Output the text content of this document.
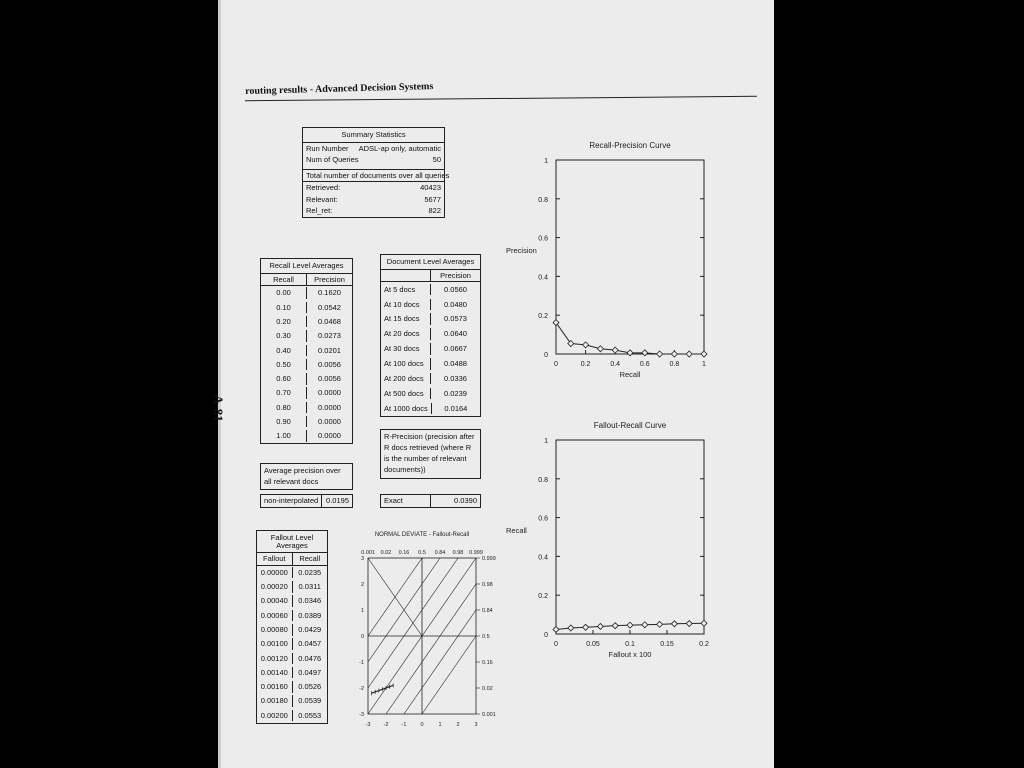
routing results - Advanced Decision Systems
A-81
Summary Statistics
Run Number	ADSL-ap only, automatic
Num of Queries	50
Total number of documents over all queries
Retrieved:	40423
Relevant:	5677
Rel_ret:	822
Recall Level Averages
Recall	Precision
0.00	0.1620
0.10	0.0542
0.20	0.0468
0.30	0.0273
0.40	0.0201
0.50	0.0056
0.60	0.0056
0.70	0.0000
0.80	0.0000
0.90	0.0000
1.00	0.0000
Average precision over all relevant docs
non-interpolated	0.0195
Document Level Averages
Precision
At 5 docs	0.0560
At 10 docs	0.0480
At 15 docs	0.0573
At 20 docs	0.0640
At 30 docs	0.0667
At 100 docs	0.0488
At 200 docs	0.0336
At 500 docs	0.0239
At 1000 docs	0.0164
R-Precision (precision after R docs retrieved (where R is the number of relevant documents))
Exact	0.0390
Fallout Level Averages
Fallout	Recall
0.00000	0.0235
0.00020	0.0311
0.00040	0.0346
0.00060	0.0389
0.00080	0.0429
0.00100	0.0457
0.00120	0.0476
0.00140	0.0497
0.00160	0.0526
0.00180	0.0539
0.00200	0.0553
Recall-Precision Curve
0
0.2
0.4
0.6
0.8
1
0	0.2	0.4	0.6	0.8	1
Recall
Precision
Fallout-Recall Curve
0
0.2
0.4
0.6
0.8
1
0	0.05	0.1	0.15	0.2
Fallout x 100
Recall
NORMAL DEVIATE - Fallout-Recall
3
2
1
0
-1
-2
-3
-3 -2 -1	0	1	2	3
0.001 0.02 0.16 0.5 0.84 0.98 0.999
0.999
0.98
0.84
0.5
0.16
0.02
0.001
